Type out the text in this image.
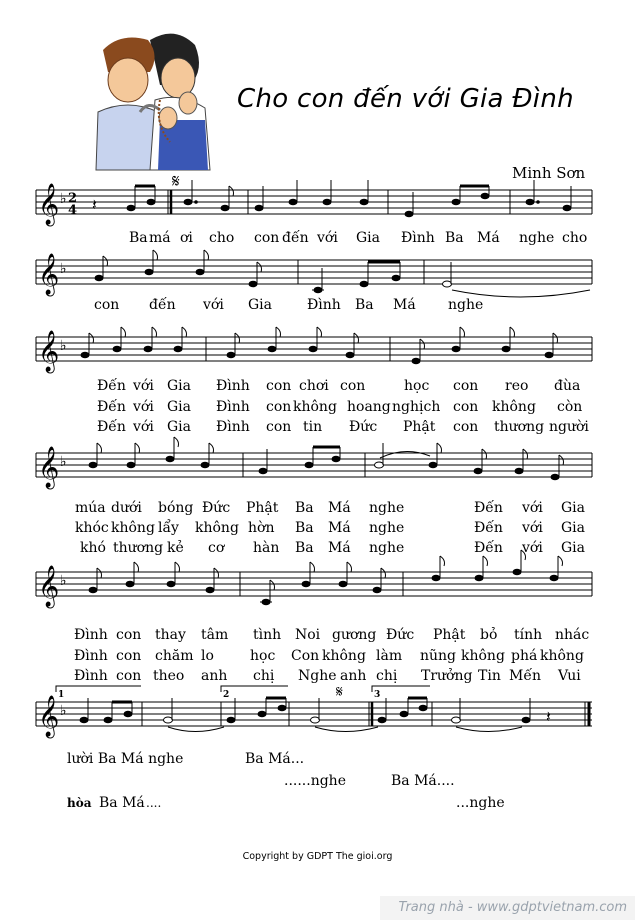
𝄞 ♭ 2
4 𝄽
𝄋
𝄞 ♭
𝄞 ♭
𝄞 ♭
𝄞 ♭
1	2	3
𝄋
𝄞 ♭	𝄽
Cho con đến với Gia Đình
Minh Sơn
Ba má ơi cho con đến với Gia Đình Ba Má nghe cho
con đến với Gia Đình Ba Má nghe
Đến với Gia Đình con chơi con	học con reo đùa
Đến với Gia Đình con không hoang nghịch con không còn
Đến với Gia Đình con tin Đức Phật con thương người
múa dưới bóng Đức Phật Ba Má nghe	Đến với Gia
khóc không lẩy không hờn Ba Má nghe	Đến với Gia
khó thương kẻ cơ hàn Ba Má nghe	Đến với Gia
Đình con thay tâm tình Noi gương Đức Phật bỏ tính nhác
Đình con chăm lo	học Con không làm nũng không phá không
Đình con theo anh chị Nghe anh chị Trưởng Tin Mến Vui
lười Ba Má nghe	Ba Má...
......nghe	Ba Má....
hòa Ba Má ....	...nghe
Copyright by GDPT The gioi.org
Trang nhà - www.gdptvietnam.com
